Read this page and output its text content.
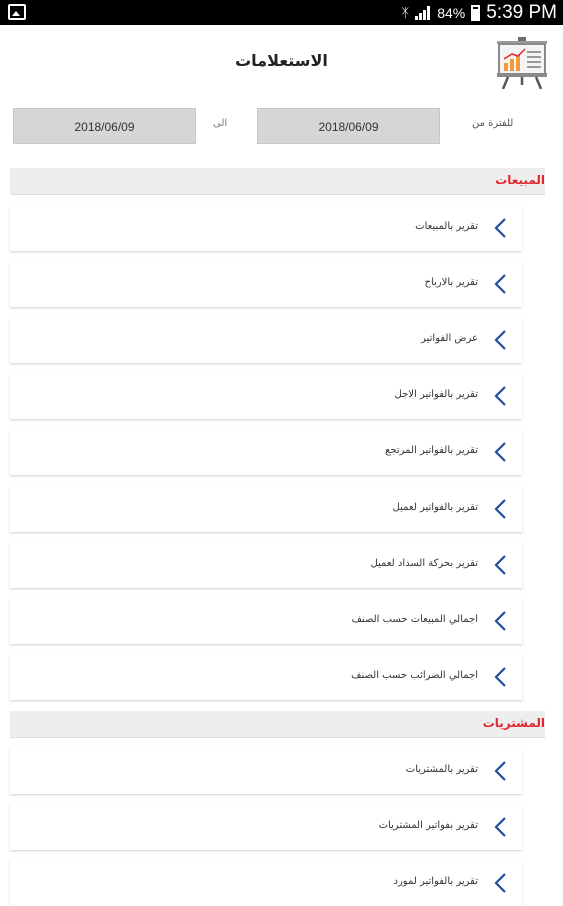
ᛡ 84% 5:39 PM
الاستعلامات
2018/06/09	الى	2018/06/09	للفترة من
المبيعات
تقرير بالمبيعات
تقرير بالارباح
عرض الفواتير
تقرير بالفواتير الاجل
تقرير بالفواتير المرتجع
تقرير بالفواتير لعميل
تقرير بحركة السداد لعميل
اجمالي المبيعات حسب الصنف
اجمالي الضرائب حسب الصنف
المشتريات
تقرير بالمشتريات
تقرير بفواتير المشتريات
تقرير بالفواتير لمورد
